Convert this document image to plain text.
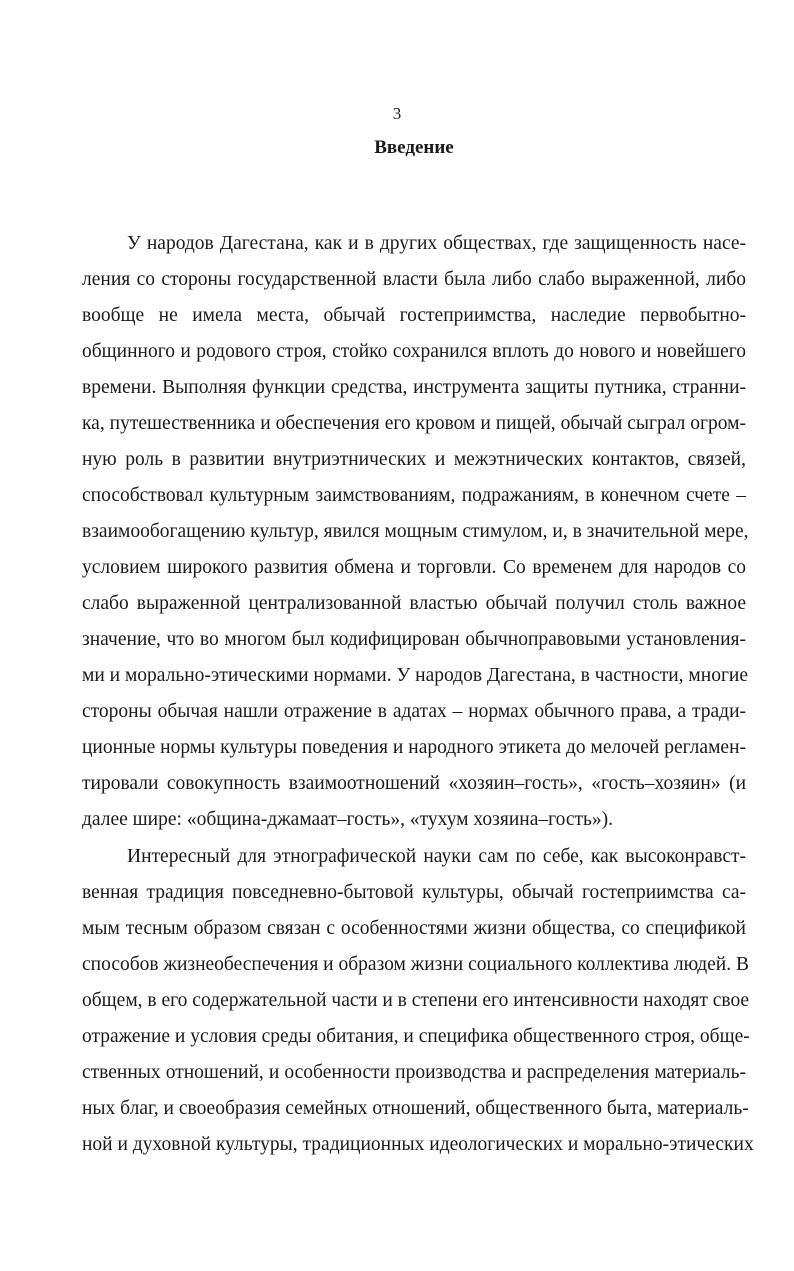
3

Введение

У народов Дагестана, как и в других обществах, где защищенность насе-

ления со стороны государственной власти была либо слабо выраженной, либо

вообще не имела места, обычай гостеприимства, наследие первобытно-

общинного и родового строя, стойко сохранился вплоть до нового и новейшего

времени. Выполняя функции средства, инструмента защиты путника, странни-

ка, путешественника и обеспечения его кровом и пищей, обычай сыграл огром-

ную роль в развитии внутриэтнических и межэтнических контактов, связей,

способствовал культурным заимствованиям, подражаниям, в конечном счете –

взаимообогащению культур, явился мощным стимулом, и, в значительной мере,

условием широкого развития обмена и торговли. Со временем для народов со

слабо выраженной централизованной властью обычай получил столь важное

значение, что во многом был кодифицирован обычноправовыми установления-

ми и морально-этическими нормами. У народов Дагестана, в частности, многие

стороны обычая нашли отражение в адатах – нормах обычного права, а тради-

ционные нормы культуры поведения и народного этикета до мелочей регламен-

тировали совокупность взаимоотношений «хозяин–гость», «гость–хозяин» (и

далее шире: «община-джамаат–гость», «тухум хозяина–гость»).

Интересный для этнографической науки сам по себе, как высоконравст-

венная традиция повседневно-бытовой культуры, обычай гостеприимства са-

мым тесным образом связан с особенностями жизни общества, со спецификой

способов жизнеобеспечения и образом жизни социального коллектива людей. В

общем, в его содержательной части и в степени его интенсивности находят свое

отражение и условия среды обитания, и специфика общественного строя, обще-

ственных отношений, и особенности производства и распределения материаль-

ных благ, и своеобразия семейных отношений, общественного быта, материаль-

ной и духовной культуры, традиционных идеологических и морально-этических
